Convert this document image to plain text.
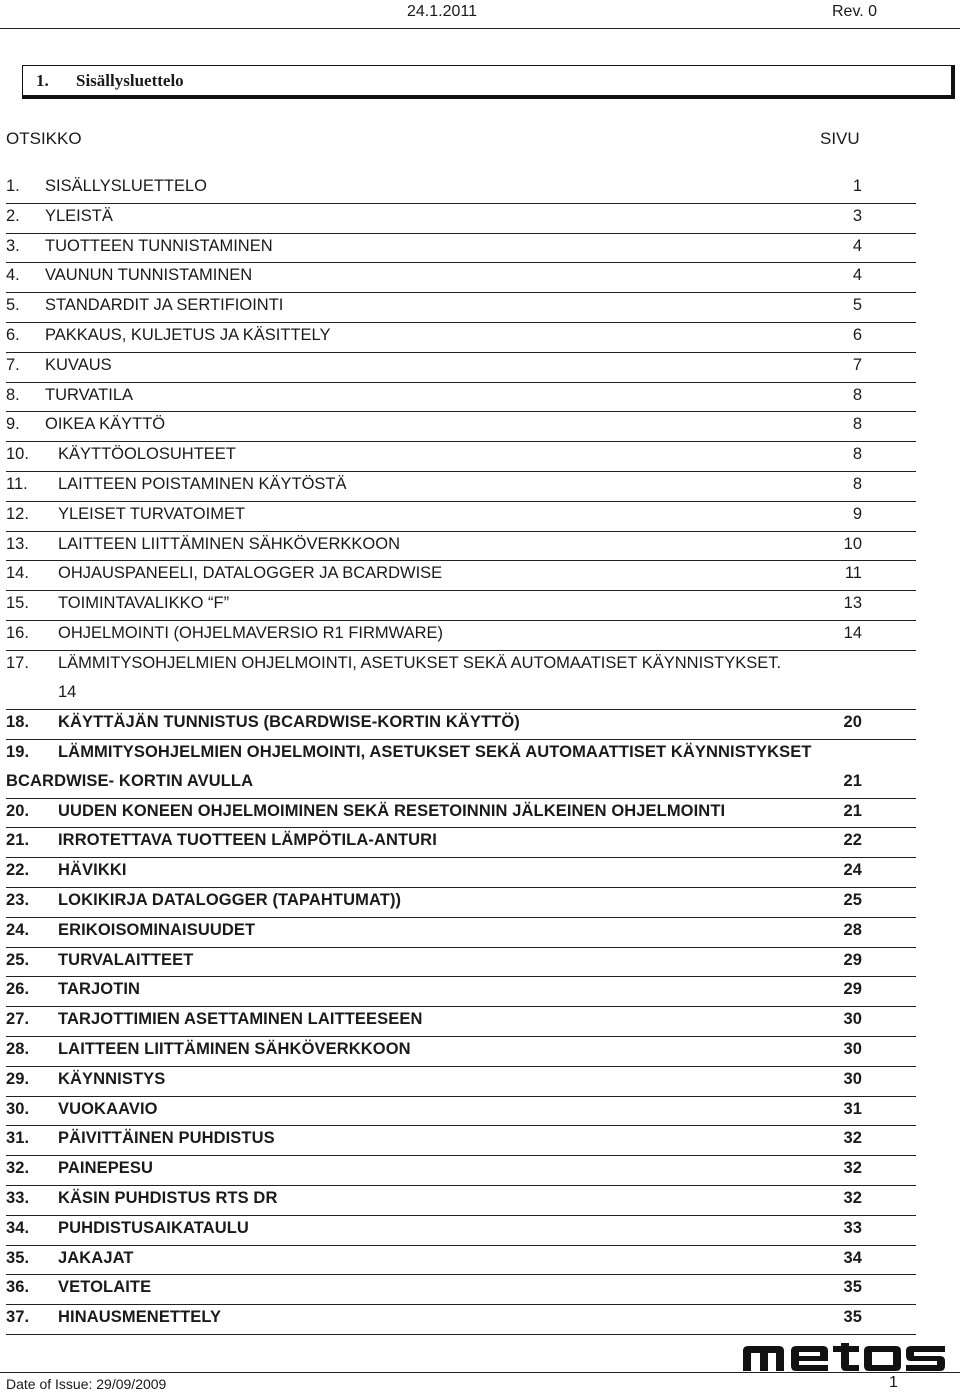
24.1.2011	Rev. 0
1.	Sisällysluettelo
OTSIKKO	SIVU
1. SISÄLLYSLUETTELO	1
2. YLEISTÄ	3
3. TUOTTEEN TUNNISTAMINEN	4
4. VAUNUN TUNNISTAMINEN	4
5. STANDARDIT JA SERTIFIOINTI	5
6. PAKKAUS, KULJETUS JA KÄSITTELY	6
7. KUVAUS	7
8. TURVATILA	8
9. OIKEA KÄYTTÖ	8
10. KÄYTTÖOLOSUHTEET	8
11. LAITTEEN POISTAMINEN KÄYTÖSTÄ	8
12. YLEISET TURVATOIMET	9
13. LAITTEEN LIITTÄMINEN SÄHKÖVERKKOON	10
14. OHJAUSPANEELI, DATALOGGER JA BCARDWISE	11
15. TOIMINTAVALIKKO “F”	13
16. OHJELMOINTI (OHJELMAVERSIO R1 FIRMWARE)	14
17. LÄMMITYSOHJELMIEN OHJELMOINTI, ASETUKSET SEKÄ AUTOMAATISET KÄYNNISTYKSET.
14
18. KÄYTTÄJÄN TUNNISTUS (BCARDWISE-KORTIN KÄYTTÖ)	20
19. LÄMMITYSOHJELMIEN OHJELMOINTI, ASETUKSET SEKÄ AUTOMAATTISET KÄYNNISTYKSET
BCARDWISE- KORTIN AVULLA	21
20. UUDEN KONEEN OHJELMOIMINEN SEKÄ RESETOINNIN JÄLKEINEN OHJELMOINTI	21
21. IRROTETTAVA TUOTTEEN LÄMPÖTILA-ANTURI	22
22. HÄVIKKI	24
23. LOKIKIRJA DATALOGGER (TAPAHTUMAT))	25
24. ERIKOISOMINAISUUDET	28
25. TURVALAITTEET	29
26. TARJOTIN	29
27. TARJOTTIMIEN ASETTAMINEN LAITTEESEEN	30
28. LAITTEEN LIITTÄMINEN SÄHKÖVERKKOON	30
29. KÄYNNISTYS	30
30. VUOKAAVIO	31
31. PÄIVITTÄINEN PUHDISTUS	32
32. PAINEPESU	32
33. KÄSIN PUHDISTUS RTS DR	32
34. PUHDISTUSAIKATAULU	33
35. JAKAJAT	34
36. VETOLAITE	35
37. HINAUSMENETTELY	35
Date of Issue: 29/09/2009	1
